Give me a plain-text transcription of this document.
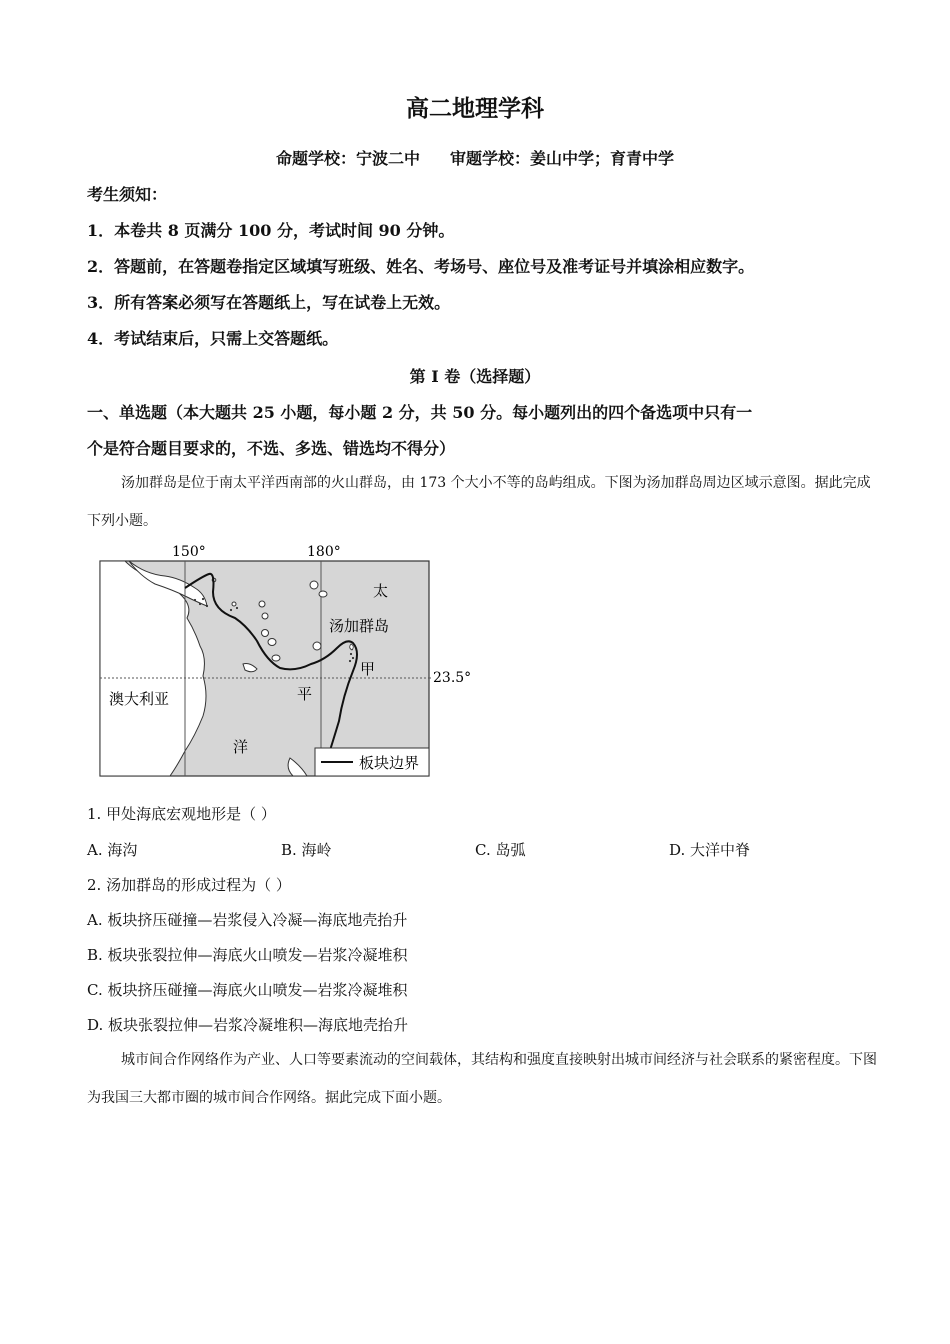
高二地理学科
命题学校：宁波二中 审题学校：姜山中学；育青中学
考生须知：
1．本卷共 8 页满分 100 分，考试时间 90 分钟。
2．答题前，在答题卷指定区域填写班级、姓名、考场号、座位号及准考证号并填涂相应数字。
3．所有答案必须写在答题纸上，写在试卷上无效。
4．考试结束后，只需上交答题纸。
第 I 卷（选择题）
一、单选题（本大题共 25 小题，每小题 2 分，共 50 分。每小题列出的四个备选项中只有一
个是符合题目要求的，不选、多选、错选均不得分）
汤加群岛是位于南太平洋西南部的火山群岛，由 173 个大小不等的岛屿组成。下图为汤加群岛周边区域示意图。据此完成下列小题。
150°	180°
太
汤加群岛
甲
平
洋
澳大利亚
23.5°
板块边界
1. 甲处海底宏观地形是（ ）
A. 海沟	B. 海岭	C. 岛弧	D. 大洋中脊
2. 汤加群岛的形成过程为（ ）
A. 板块挤压碰撞—岩浆侵入冷凝—海底地壳抬升
B. 板块张裂拉伸—海底火山喷发—岩浆冷凝堆积
C. 板块挤压碰撞—海底火山喷发—岩浆冷凝堆积
D. 板块张裂拉伸—岩浆冷凝堆积—海底地壳抬升
城市间合作网络作为产业、人口等要素流动的空间载体，其结构和强度直接映射出城市间经济与社会联系的紧密程度。下图为我国三大都市圈的城市间合作网络。据此完成下面小题。
